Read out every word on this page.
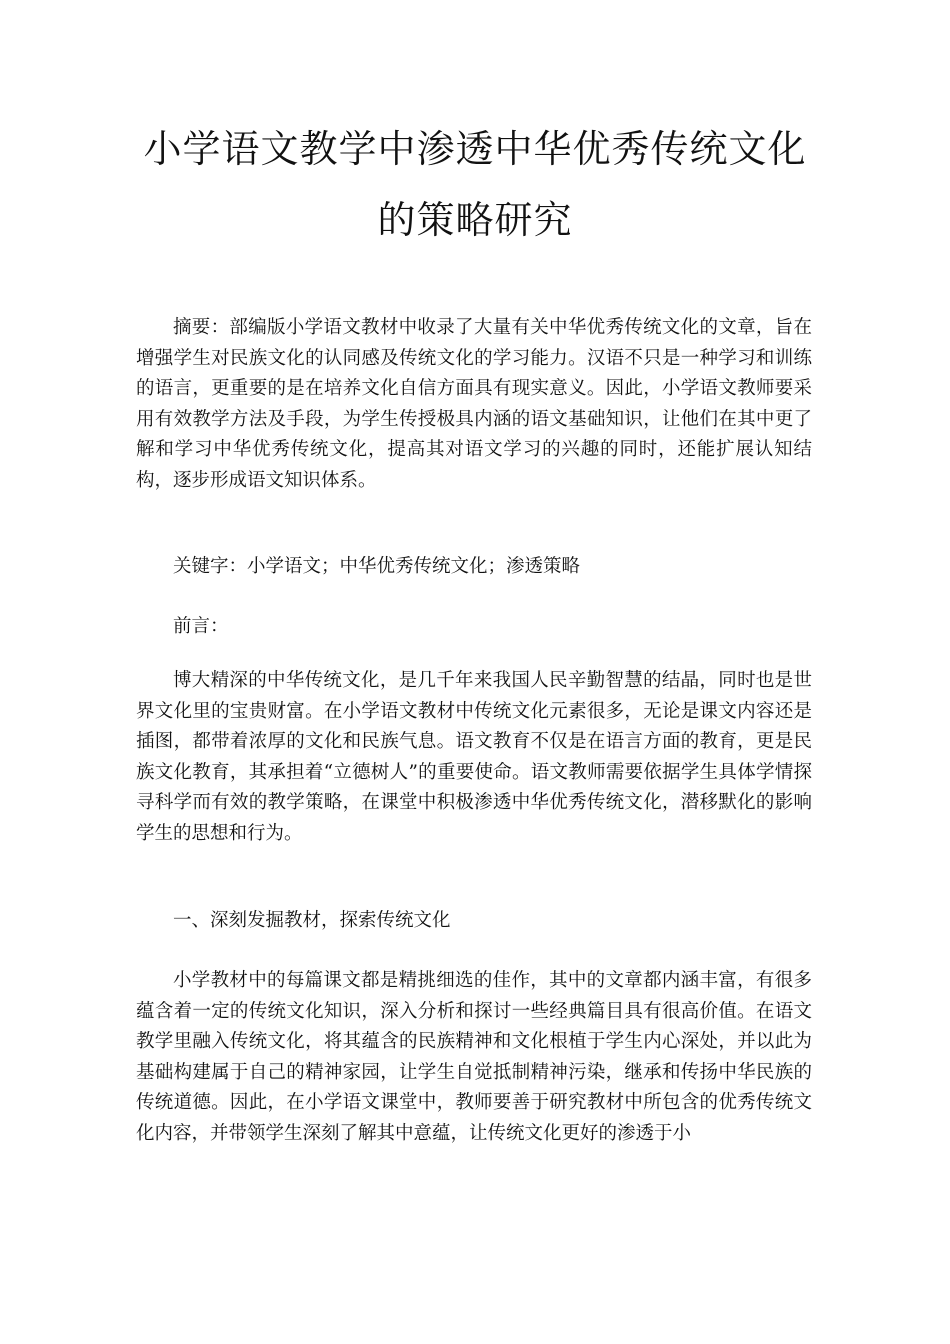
小学语文教学中渗透中华优秀传统文化
的策略研究

摘要：部编版小学语文教材中收录了大量有关中华优秀传统文化的文章，旨在增强学生对民族文化的认同感及传统文化的学习能力。汉语不只是一种学习和训练的语言，更重要的是在培养文化自信方面具有现实意义。因此，小学语文教师要采用有效教学方法及手段，为学生传授极具内涵的语文基础知识，让他们在其中更了解和学习中华优秀传统文化，提高其对语文学习的兴趣的同时，还能扩展认知结构，逐步形成语文知识体系。

关键字：小学语文；中华优秀传统文化；渗透策略

前言：

博大精深的中华传统文化，是几千年来我国人民辛勤智慧的结晶，同时也是世界文化里的宝贵财富。在小学语文教材中传统文化元素很多，无论是课文内容还是插图，都带着浓厚的文化和民族气息。语文教育不仅是在语言方面的教育，更是民族文化教育，其承担着“立德树人”的重要使命。语文教师需要依据学生具体学情探寻科学而有效的教学策略，在课堂中积极渗透中华优秀传统文化，潜移默化的影响学生的思想和行为。

一、深刻发掘教材，探索传统文化

小学教材中的每篇课文都是精挑细选的佳作，其中的文章都内涵丰富，有很多蕴含着一定的传统文化知识，深入分析和探讨一些经典篇目具有很高价值。在语文教学里融入传统文化，将其蕴含的民族精神和文化根植于学生内心深处，并以此为基础构建属于自己的精神家园，让学生自觉抵制精神污染，继承和传扬中华民族的传统道德。因此，在小学语文课堂中，教师要善于研究教材中所包含的优秀传统文化内容，并带领学生深刻了解其中意蕴，让传统文化更好的渗透于小
